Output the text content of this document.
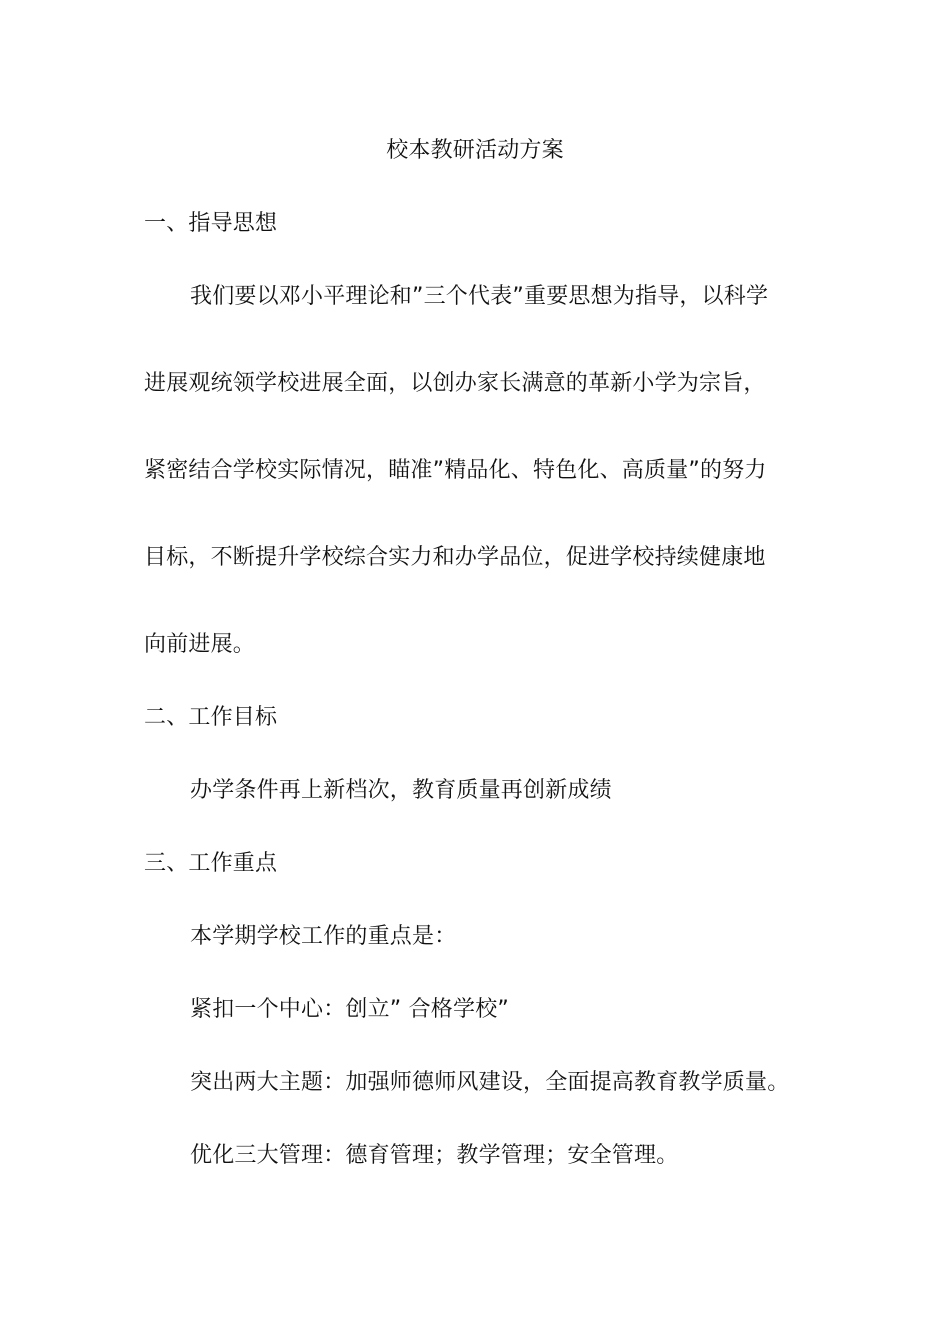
校本教研活动方案
一、指导思想
我们要以邓小平理论和”三个代表”重要思想为指导，以科学
进展观统领学校进展全面，以创办家长满意的革新小学为宗旨，
紧密结合学校实际情况，瞄准”精品化、特色化、高质量”的努力
目标，不断提升学校综合实力和办学品位，促进学校持续健康地
向前进展。
二、工作目标
办学条件再上新档次，教育质量再创新成绩
三、工作重点
本学期学校工作的重点是：
紧扣一个中心：创立” 合格学校”
突出两大主题：加强师德师风建设，全面提高教育教学质量。
优化三大管理：德育管理；教学管理；安全管理。
